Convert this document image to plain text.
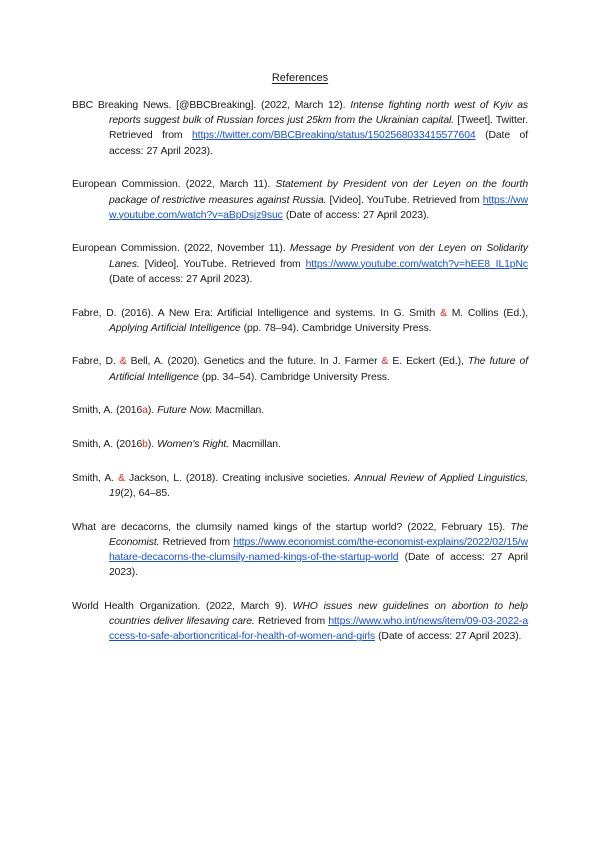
References

BBC Breaking News. [@BBCBreaking]. (2022, March 12). Intense fighting north west of Kyiv as reports suggest bulk of Russian forces just 25km from the Ukrainian capital. [Tweet]. Twitter. Retrieved from https://twitter.com/BBCBreaking/status/1502568033415577604 (Date of access: 27 April 2023).

European Commission. (2022, March 11). Statement by President von der Leyen on the fourth package of restrictive measures against Russia. [Video]. YouTube. Retrieved from https://www.youtube.com/watch?v=aBpDsjz9suc (Date of access: 27 April 2023).

European Commission. (2022, November 11). Message by President von der Leyen on Solidarity Lanes. [Video]. YouTube. Retrieved from https://www.youtube.com/watch?v=hEE8_IL1pNc (Date of access: 27 April 2023).

Fabre, D. (2016). A New Era: Artificial Intelligence and systems. In G. Smith & M. Collins (Ed.), Applying Artificial Intelligence (pp. 78–94). Cambridge University Press.

Fabre, D. & Bell, A. (2020). Genetics and the future. In J. Farmer & E. Eckert (Ed.), The future of Artificial Intelligence (pp. 34–54). Cambridge University Press.

Smith, A. (2016a). Future Now. Macmillan.

Smith, A. (2016b). Women's Right. Macmillan.

Smith, A. & Jackson, L. (2018). Creating inclusive societies. Annual Review of Applied Linguistics, 19(2), 64–85.

What are decacorns, the clumsily named kings of the startup world? (2022, February 15). The Economist. Retrieved from https://www.economist.com/the-economist-explains/2022/02/15/whatare-decacorns-the-clumsily-named-kings-of-the-startup-world (Date of access: 27 April 2023).

World Health Organization. (2022, March 9). WHO issues new guidelines on abortion to help countries deliver lifesaving care. Retrieved from https://www.who.int/news/item/09-03-2022-access-to-safe-abortioncritical-for-health-of-women-and-girls (Date of access: 27 April 2023).
